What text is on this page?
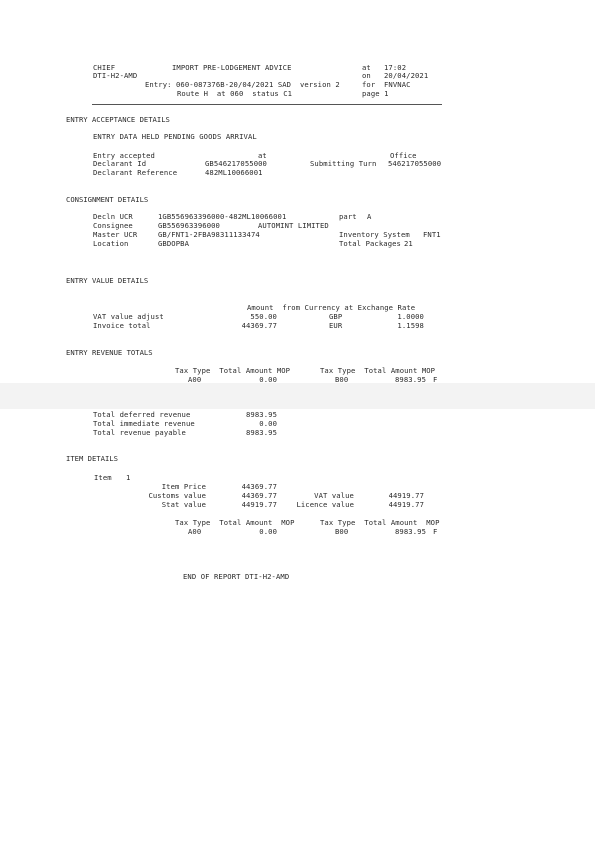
CHIEF
DTI-H2-AMD
IMPORT PRE-LODGEMENT ADVICE
Entry: 060-087376B-20/04/2021 SAD  version 2
Route H  at 060  status C1
at 17:02
on 20/04/2021
for FNVNAC
page 1
ENTRY ACCEPTANCE DETAILS
ENTRY DATA HELD PENDING GOODS ARRIVAL
Entry accepted	at	Office
Declarant Id	GB546217055000	Submitting Turn 546217055000
Declarant Reference	482ML10066001
CONSIGNMENT DETAILS
Decln UCR	1GB556963396000-482ML10066001	part A
Consignee	GB556963396000	AUTOMINT LIMITED
Master UCR	GB/FNT1-2FBA98311133474	Inventory System FNT1
Location	GBDOPBA	Total Packages 21
ENTRY VALUE DETAILS
Amount  from Currency at Exchange Rate
VAT value adjust	550.00	GBP	1.0000
Invoice total	44369.77	EUR	1.1598
ENTRY REVENUE TOTALS
Tax Type  Total Amount MOP	Tax Type  Total Amount MOP
A00	0.00	B00	8983.95 F
Total deferred revenue	8983.95
Total immediate revenue	0.00
Total revenue payable	8983.95
ITEM DETAILS
Item 1
Item Price	44369.77
Customs value	44369.77	VAT value	44919.77
Stat value	44919.77	Licence value	44919.77
Tax Type  Total Amount  MOP	Tax Type  Total Amount  MOP
A00	0.00	B00	8983.95 F
END OF REPORT DTI-H2-AMD
